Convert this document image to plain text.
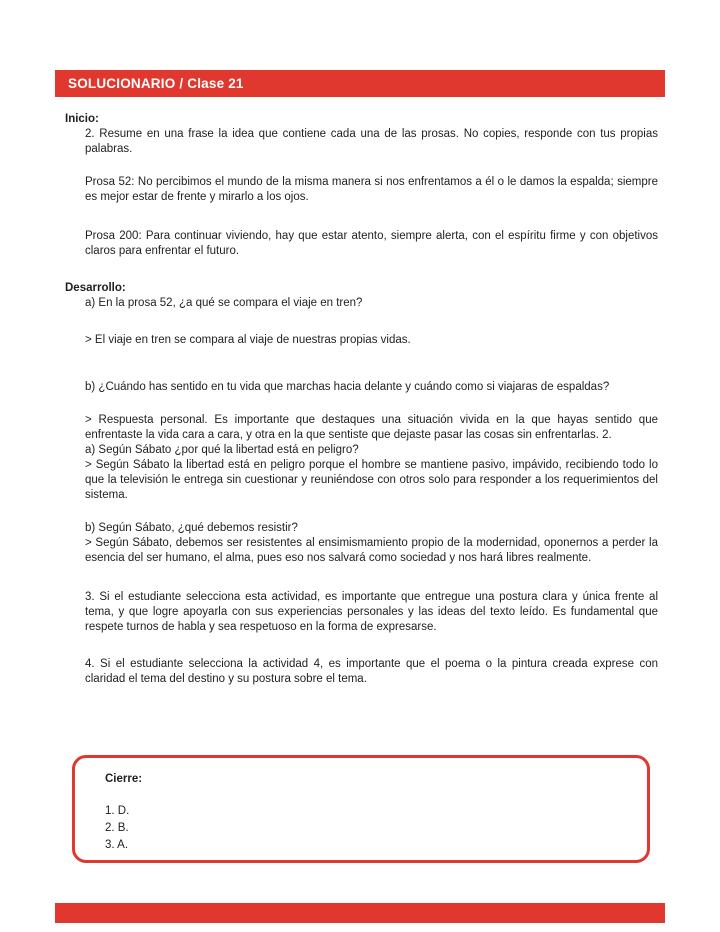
SOLUCIONARIO / Clase 21

Inicio:

2. Resume en una frase la idea que contiene cada una de las prosas. No copies, responde con tus propias palabras.

Prosa 52: No percibimos el mundo de la misma manera si nos enfrentamos a él o le damos la espalda; siempre es mejor estar de frente y mirarlo a los ojos.

Prosa 200: Para continuar viviendo, hay que estar atento, siempre alerta, con el espíritu firme y con objetivos claros para enfrentar el futuro.

Desarrollo:

a) En la prosa 52, ¿a qué se compara el viaje en tren?

> El viaje en tren se compara al viaje de nuestras propias vidas.

b) ¿Cuándo has sentido en tu vida que marchas hacia delante y cuándo como si viajaras de espaldas?

> Respuesta personal. Es importante que destaques una situación vivida en la que hayas sentido que enfrentaste la vida cara a cara, y otra en la que sentiste que dejaste pasar las cosas sin enfrentarlas. 2.

a) Según Sábato ¿por qué la libertad está en peligro?

> Según Sábato la libertad está en peligro porque el hombre se mantiene pasivo, impávido, recibiendo todo lo que la televisión le entrega sin cuestionar y reuniéndose con otros solo para responder a los requerimientos del sistema.

b) Según Sábato, ¿qué debemos resistir?

> Según Sábato, debemos ser resistentes al ensimismamiento propio de la modernidad, oponernos a perder la esencia del ser humano, el alma, pues eso nos salvará como sociedad y nos hará libres realmente.

3. Si el estudiante selecciona esta actividad, es importante que entregue una postura clara y única frente al tema, y que logre apoyarla con sus experiencias personales y las ideas del texto leído. Es fundamental que respete turnos de habla y sea respetuoso en la forma de expresarse.

4. Si el estudiante selecciona la actividad 4, es importante que el poema o la pintura creada exprese con claridad el tema del destino y su postura sobre el tema.

Cierre:

1. D.
2. B.
3. A.
